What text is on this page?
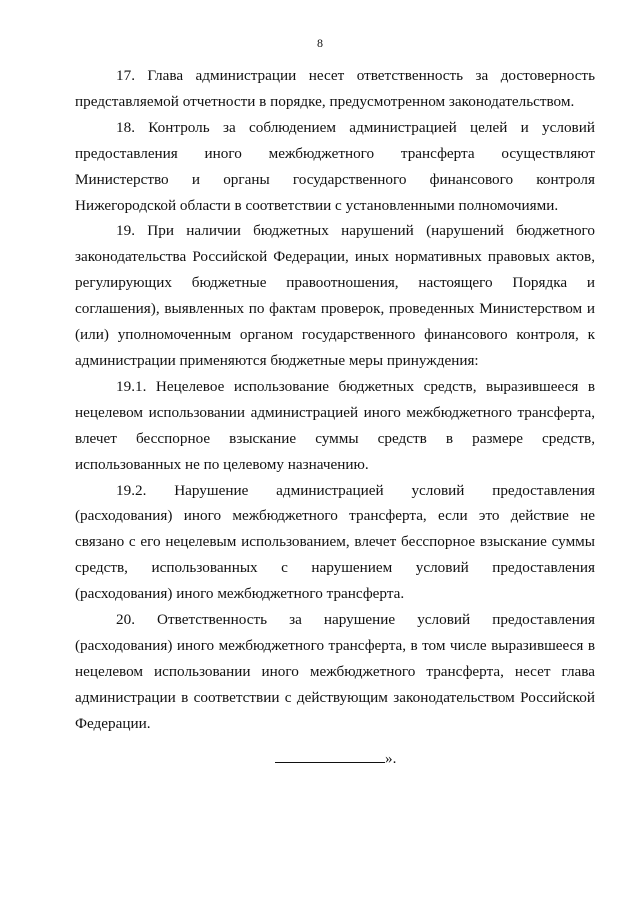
8

17. Глава администрации несет ответственность за достоверность представляемой отчетности в порядке, предусмотренном законодательством.

18. Контроль за соблюдением администрацией целей и условий предоставления иного межбюджетного трансферта осуществляют Министерство и органы государственного финансового контроля Нижегородской области в соответствии с установленными полномочиями.

19. При наличии бюджетных нарушений (нарушений бюджетного законодательства Российской Федерации, иных нормативных правовых актов, регулирующих бюджетные правоотношения, настоящего Порядка и соглашения), выявленных по фактам проверок, проведенных Министерством и (или) уполномоченным органом государственного финансового контроля, к администрации применяются бюджетные меры принуждения:

19.1. Нецелевое использование бюджетных средств, выразившееся в нецелевом использовании администрацией иного межбюджетного трансферта, влечет бесспорное взыскание суммы средств в размере средств, использованных не по целевому назначению.

19.2. Нарушение администрацией условий предоставления (расходования) иного межбюджетного трансферта, если это действие не связано с его нецелевым использованием, влечет бесспорное взыскание суммы средств, использованных с нарушением условий предоставления (расходования) иного межбюджетного трансферта.

20. Ответственность за нарушение условий предоставления (расходования) иного межбюджетного трансферта, в том числе выразившееся в нецелевом использовании иного межбюджетного трансферта, несет глава администрации в соответствии с действующим законодательством Российской Федерации.

».
